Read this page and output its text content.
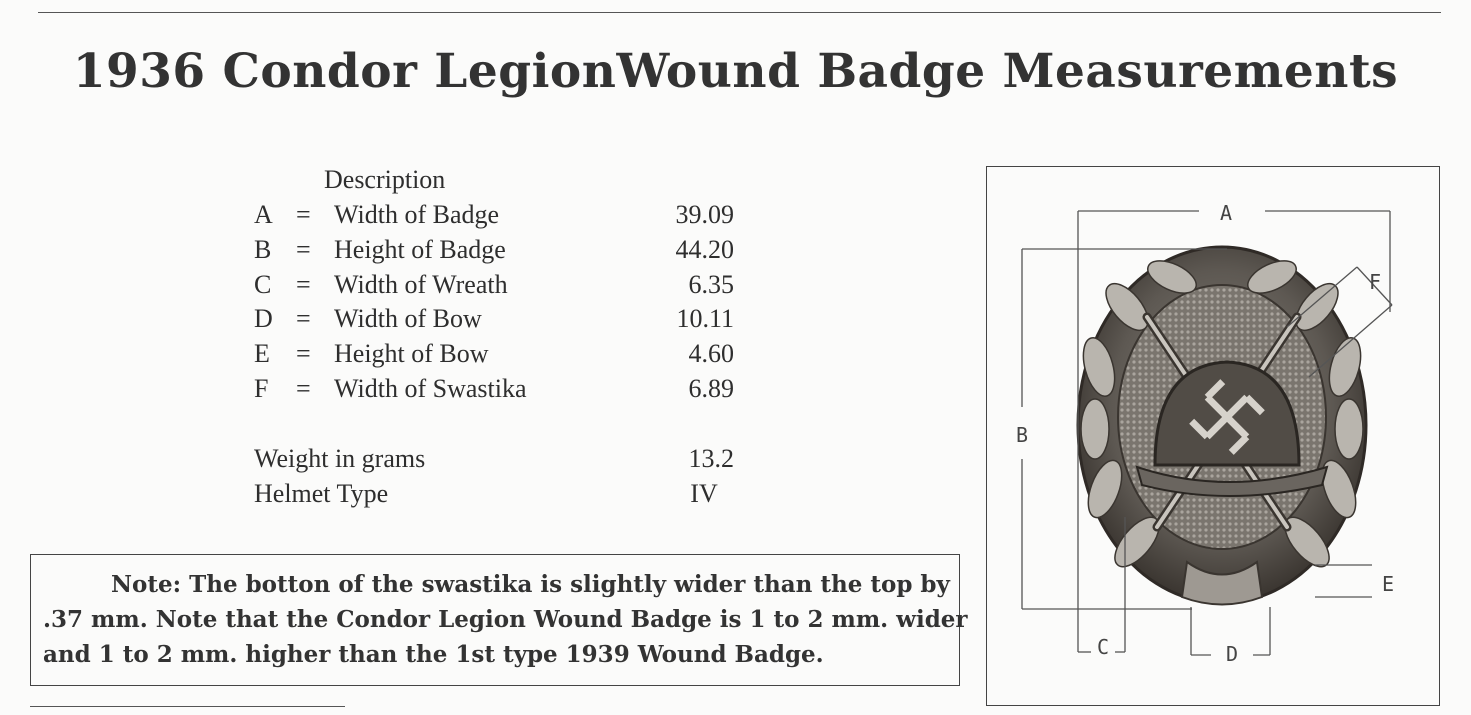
1936 Condor LegionWound Badge Measurements
Description
A = Width of Badge	39.09
B = Height of Badge	44.20
C = Width of Wreath	6.35
D = Width of Bow	10.11
E	= Height of Bow	4.60
F	= Width of Swastika	6.89
Weight in grams	13.2
Helmet Type	IV
Note: The botton of the swastika is slightly wider than the top by
.37 mm. Note that the Condor Legion Wound Badge is 1 to 2 mm. wider
and 1 to 2 mm. higher than the 1st type 1939 Wound Badge.
A
B
C	D
E
F
